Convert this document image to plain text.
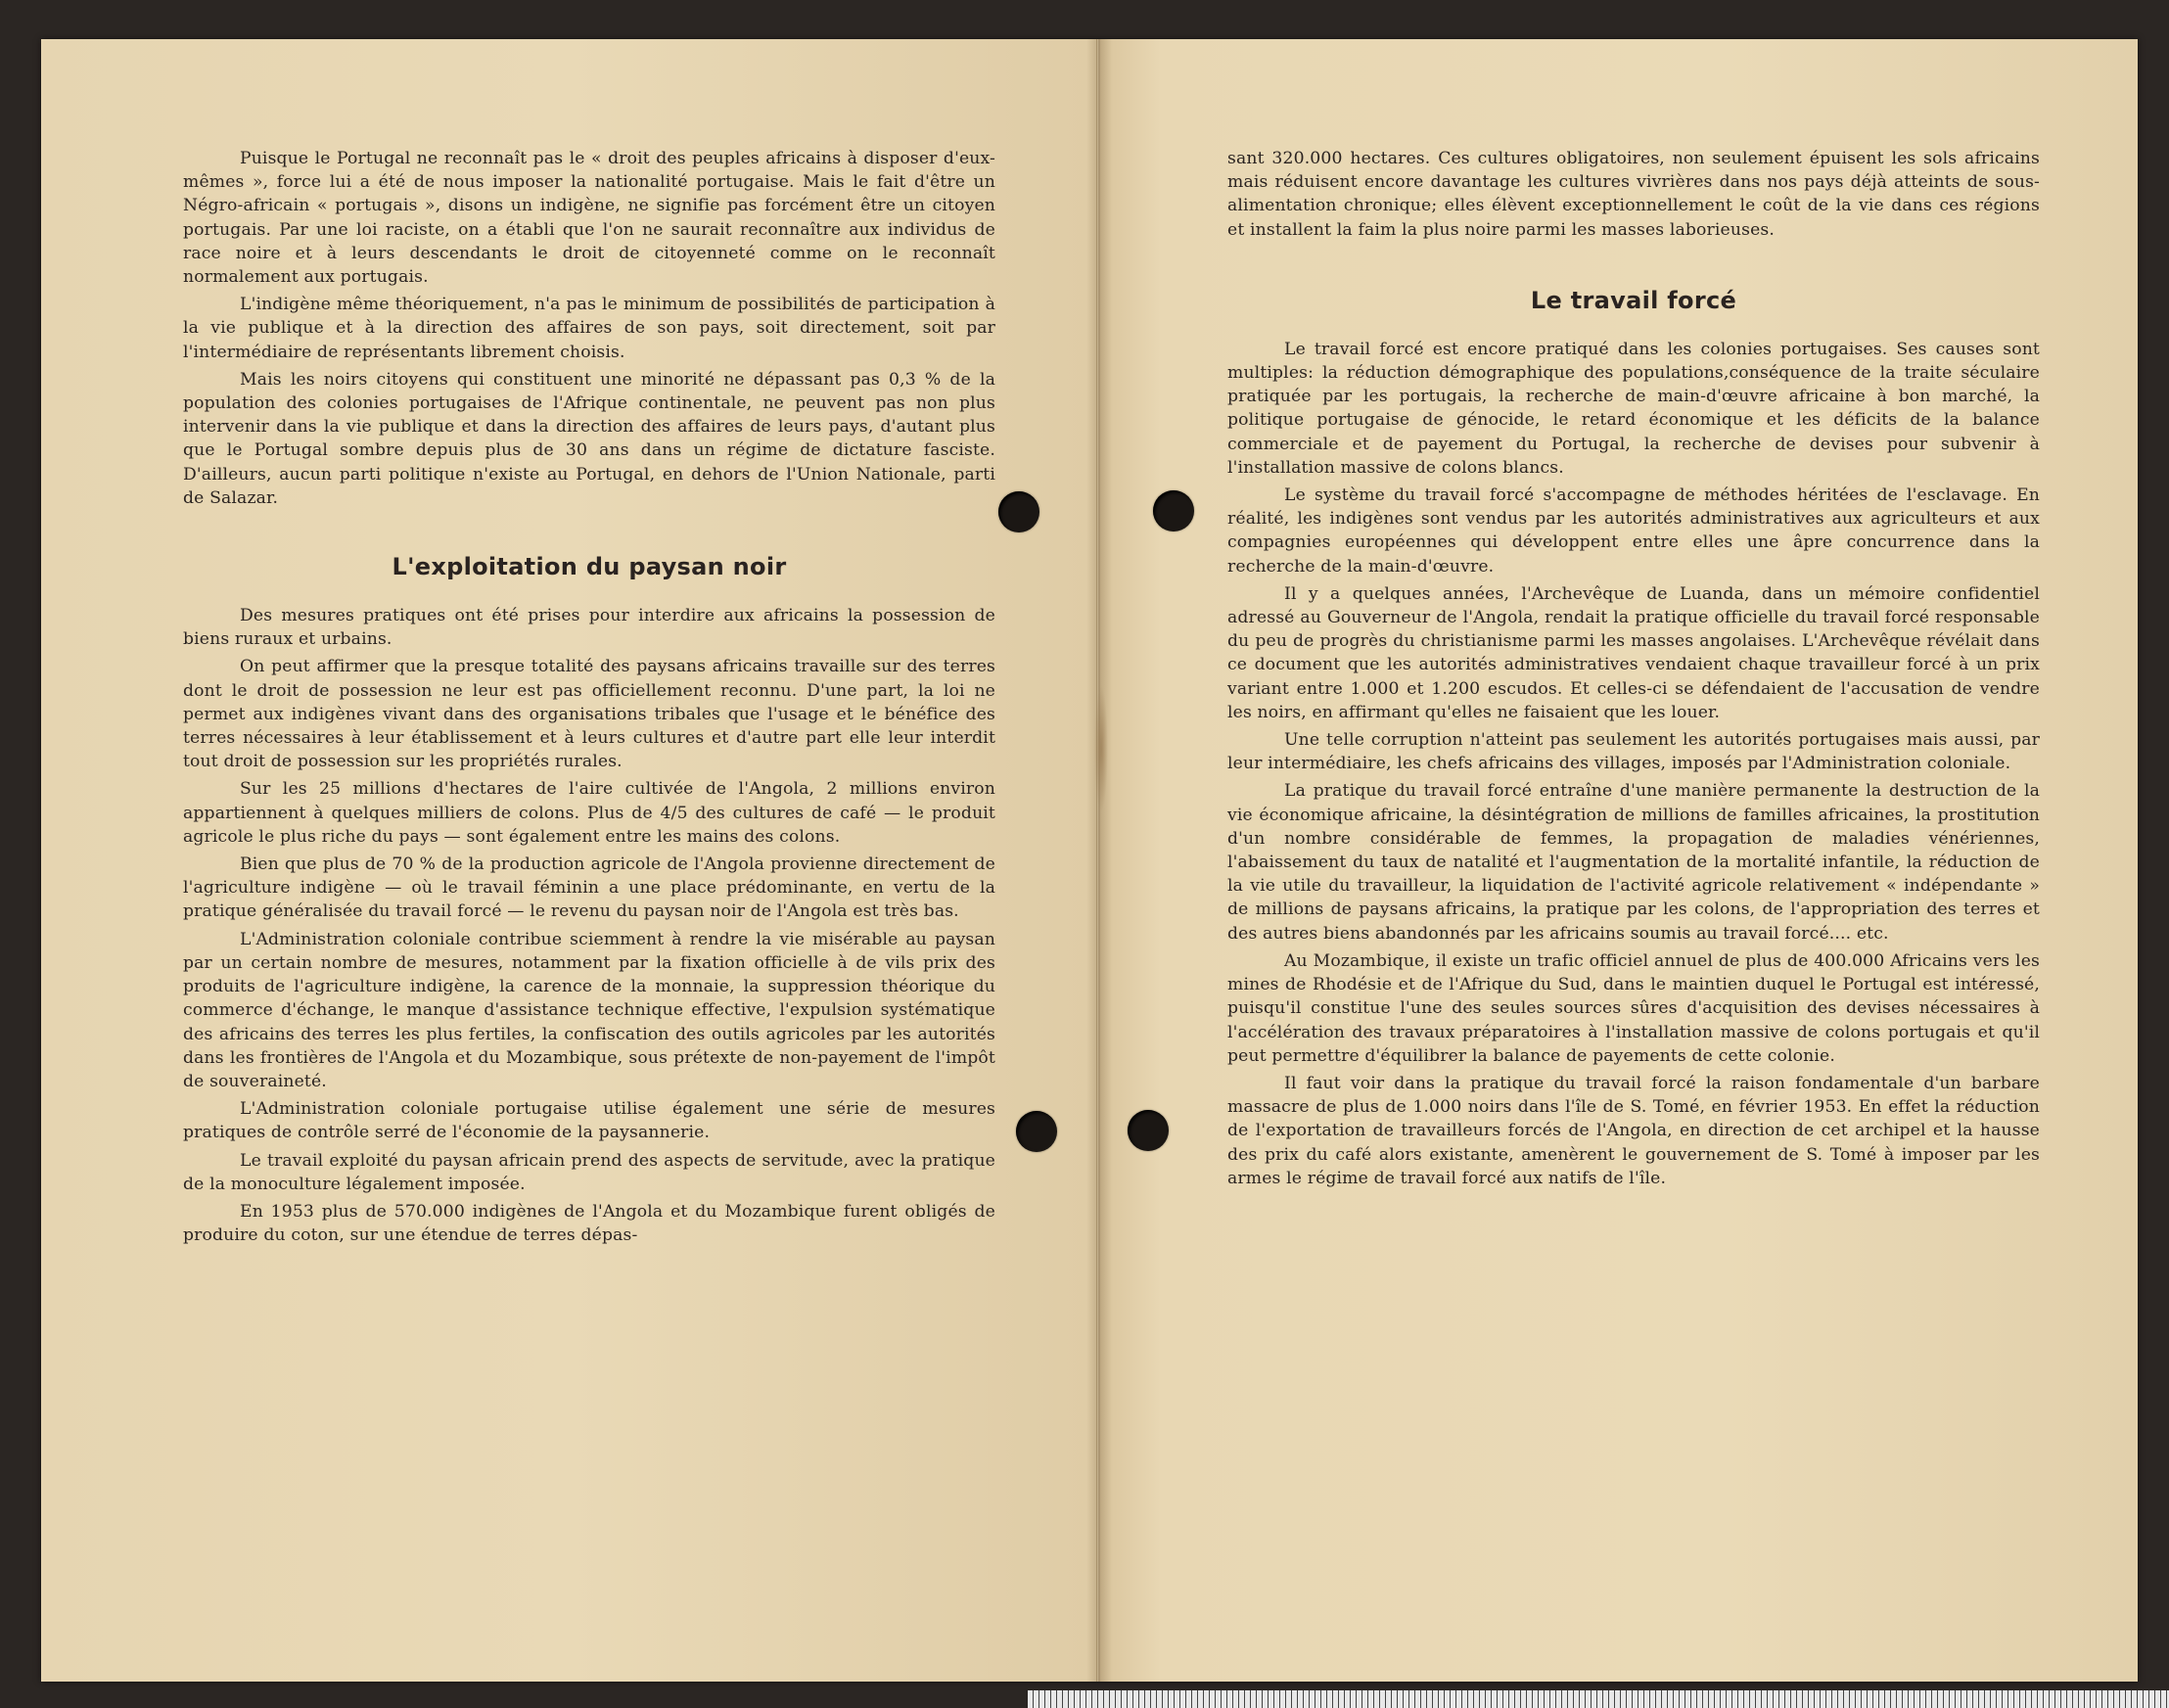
Puisque le Portugal ne reconnaît pas le « droit des peuples africains à disposer d'eux-mêmes », force lui a été de nous imposer la nationalité portugaise. Mais le fait d'être un Négro-africain « portugais », disons un indigène, ne signifie pas forcément être un citoyen portugais. Par une loi raciste, on a établi que l'on ne saurait reconnaître aux individus de race noire et à leurs descendants le droit de citoyenneté comme on le reconnaît normalement aux portugais.

L'indigène même théoriquement, n'a pas le minimum de possibilités de participation à la vie publique et à la direction des affaires de son pays, soit directement, soit par l'intermédiaire de représentants librement choisis.

Mais les noirs citoyens qui constituent une minorité ne dépassant pas 0,3 % de la population des colonies portugaises de l'Afrique continentale, ne peuvent pas non plus intervenir dans la vie publique et dans la direction des affaires de leurs pays, d'autant plus que le Portugal sombre depuis plus de 30 ans dans un régime de dictature fasciste. D'ailleurs, aucun parti politique n'existe au Portugal, en dehors de l'Union Nationale, parti de Salazar.

L'exploitation du paysan noir

Des mesures pratiques ont été prises pour interdire aux africains la possession de biens ruraux et urbains.

On peut affirmer que la presque totalité des paysans africains travaille sur des terres dont le droit de possession ne leur est pas officiellement reconnu. D'une part, la loi ne permet aux indigènes vivant dans des organisations tribales que l'usage et le bénéfice des terres nécessaires à leur établissement et à leurs cultures et d'autre part elle leur interdit tout droit de possession sur les propriétés rurales.

Sur les 25 millions d'hectares de l'aire cultivée de l'Angola, 2 millions environ appartiennent à quelques milliers de colons. Plus de 4/5 des cultures de café — le produit agricole le plus riche du pays — sont également entre les mains des colons.

Bien que plus de 70 % de la production agricole de l'Angola provienne directement de l'agriculture indigène — où le travail féminin a une place prédominante, en vertu de la pratique généralisée du travail forcé — le revenu du paysan noir de l'Angola est très bas.

L'Administration coloniale contribue sciemment à rendre la vie misérable au paysan par un certain nombre de mesures, notamment par la fixation officielle à de vils prix des produits de l'agriculture indigène, la carence de la monnaie, la suppression théorique du commerce d'échange, le manque d'assistance technique effective, l'expulsion systématique des africains des terres les plus fertiles, la confiscation des outils agricoles par les autorités dans les frontières de l'Angola et du Mozambique, sous prétexte de non-payement de l'impôt de souveraineté.

L'Administration coloniale portugaise utilise également une série de mesures pratiques de contrôle serré de l'économie de la paysannerie.

Le travail exploité du paysan africain prend des aspects de servitude, avec la pratique de la monoculture légalement imposée.

En 1953 plus de 570.000 indigènes de l'Angola et du Mozambique furent obligés de produire du coton, sur une étendue de terres dépas-

sant 320.000 hectares. Ces cultures obligatoires, non seulement épuisent les sols africains mais réduisent encore davantage les cultures vivrières dans nos pays déjà atteints de sous-alimentation chronique; elles élèvent exceptionnellement le coût de la vie dans ces régions et installent la faim la plus noire parmi les masses laborieuses.

Le travail forcé

Le travail forcé est encore pratiqué dans les colonies portugaises. Ses causes sont multiples: la réduction démographique des populations,conséquence de la traite séculaire pratiquée par les portugais, la recherche de main-d'œuvre africaine à bon marché, la politique portugaise de génocide, le retard économique et les déficits de la balance commerciale et de payement du Portugal, la recherche de devises pour subvenir à l'installation massive de colons blancs.

Le système du travail forcé s'accompagne de méthodes héritées de l'esclavage. En réalité, les indigènes sont vendus par les autorités administratives aux agriculteurs et aux compagnies européennes qui développent entre elles une âpre concurrence dans la recherche de la main-d'œuvre.

Il y a quelques années, l'Archevêque de Luanda, dans un mémoire confidentiel adressé au Gouverneur de l'Angola, rendait la pratique officielle du travail forcé responsable du peu de progrès du christianisme parmi les masses angolaises. L'Archevêque révélait dans ce document que les autorités administratives vendaient chaque travailleur forcé à un prix variant entre 1.000 et 1.200 escudos. Et celles-ci se défendaient de l'accusation de vendre les noirs, en affirmant qu'elles ne faisaient que les louer.

Une telle corruption n'atteint pas seulement les autorités portugaises mais aussi, par leur intermédiaire, les chefs africains des villages, imposés par l'Administration coloniale.

La pratique du travail forcé entraîne d'une manière permanente la destruction de la vie économique africaine, la désintégration de millions de familles africaines, la prostitution d'un nombre considérable de femmes, la propagation de maladies vénériennes, l'abaissement du taux de natalité et l'augmentation de la mortalité infantile, la réduction de la vie utile du travailleur, la liquidation de l'activité agricole relativement « indépendante » de millions de paysans africains, la pratique par les colons, de l'appropriation des terres et des autres biens abandonnés par les africains soumis au travail forcé.... etc.

Au Mozambique, il existe un trafic officiel annuel de plus de 400.000 Africains vers les mines de Rhodésie et de l'Afrique du Sud, dans le maintien duquel le Portugal est intéressé, puisqu'il constitue l'une des seules sources sûres d'acquisition des devises nécessaires à l'accélération des travaux préparatoires à l'installation massive de colons portugais et qu'il peut permettre d'équilibrer la balance de payements de cette colonie.

Il faut voir dans la pratique du travail forcé la raison fondamentale d'un barbare massacre de plus de 1.000 noirs dans l'île de S. Tomé, en février 1953. En effet la réduction de l'exportation de travailleurs forcés de l'Angola, en direction de cet archipel et la hausse des prix du café alors existante, amenèrent le gouvernement de S. Tomé à imposer par les armes le régime de travail forcé aux natifs de l'île.
